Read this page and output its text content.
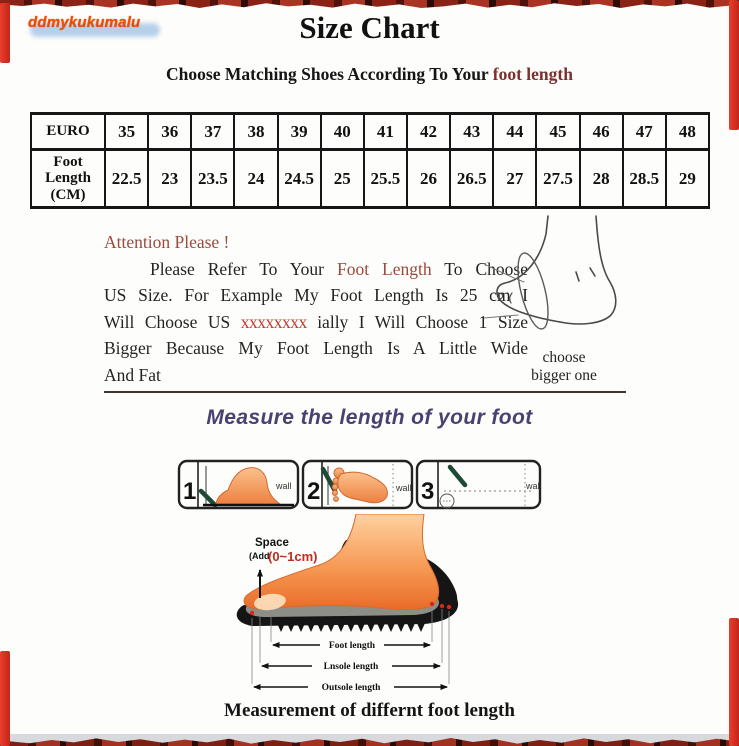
ddmykukumalu	Size Chart
Choose Matching Shoes According To Your foot length
EURO	35	36	37	38	39	40	41	42	43	44	45	46	47	48

Foot
Length
(CM)	22.5	23	23.5	24	24.5	25	25.5	26	26.5	27	27.5	28	28.5	29
Attention Please !
Please Refer To Your Foot Length To Choose
US Size. For Example My Foot Length Is 25 cm I
Will Choose US xxxxxxxx ially I Will Choose 1 Size
Bigger Because My Foot Length Is A Little Wide
And Fat
choose
bigger one
Measure the length of your foot
1	wall 2	wall 3	wall
Space
(Add
(0~1cm)
Foot length
Lnsole length
Outsole length
Measurement of differnt foot length
